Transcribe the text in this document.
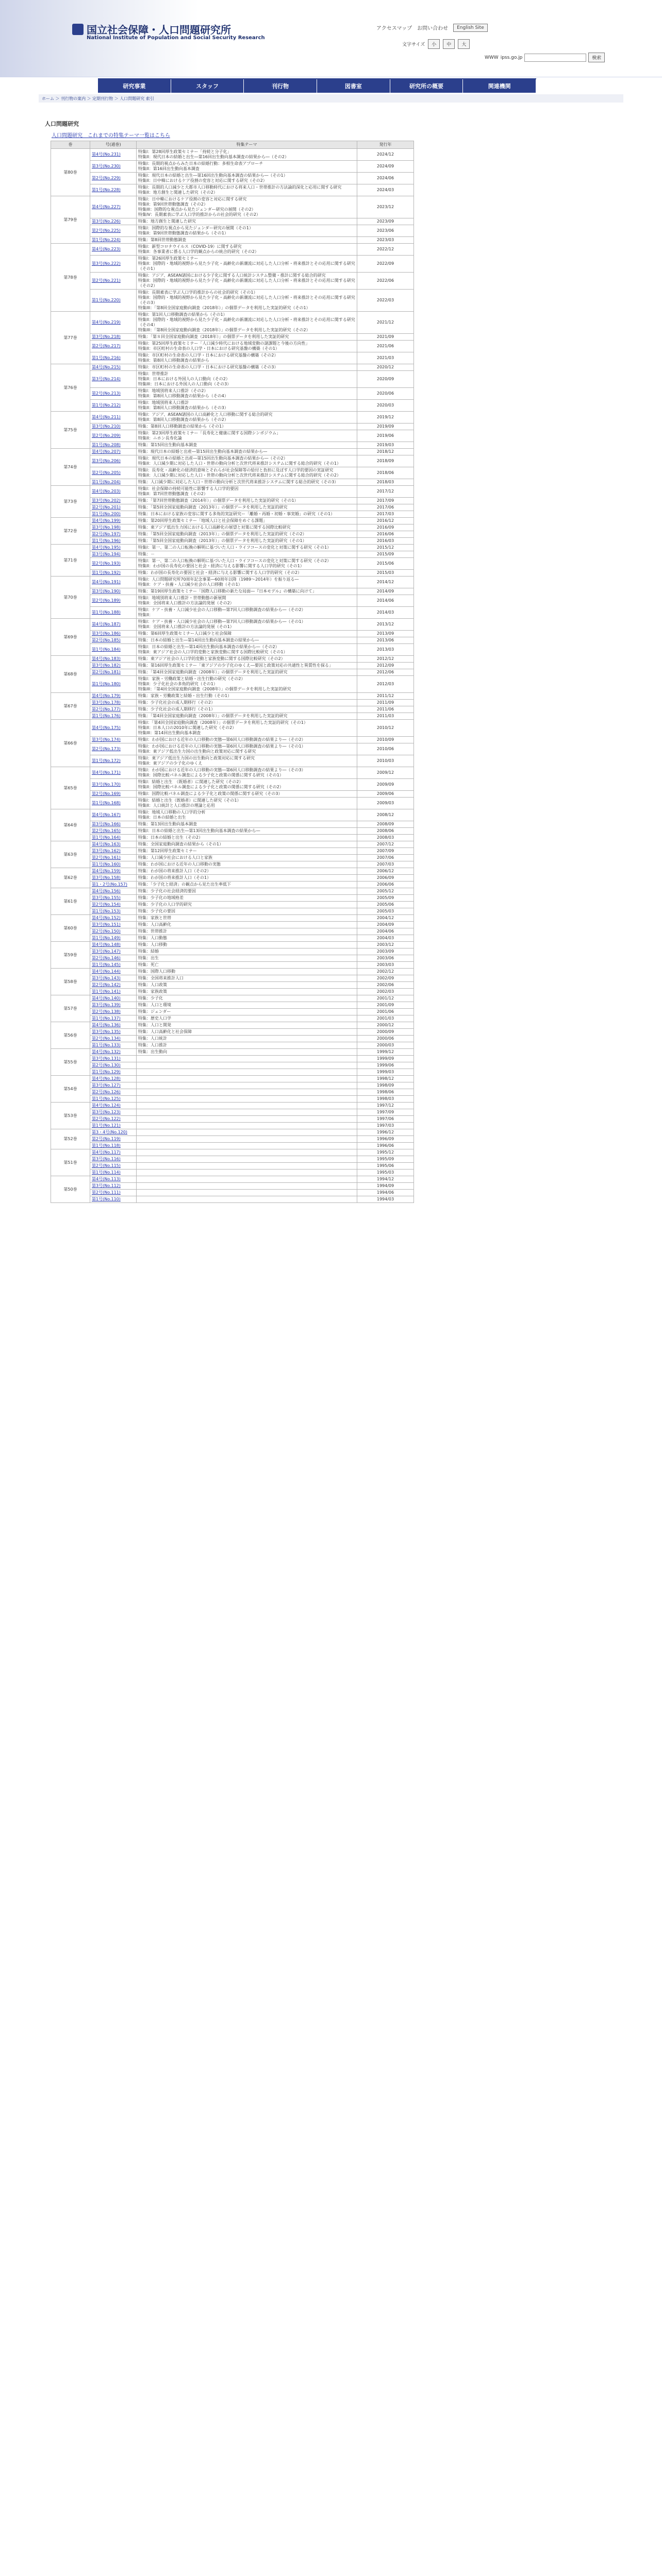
国立社会保障・人口問題研究所
National Institute of Population and Social Security Research
アクセスマップ お問い合わせ	English Site
文字サイズ	小	中	大
WWW ipss.go.jp	検索
研究事業	スタッフ	刊行物	図書室	研究所の概要	関連機関
ホーム ＞ 刊行物の案内 ＞ 定期刊行物 ＞ 人口問題研究 索引
人口問題研究
人口問題研究　これまでの特集テーマ一覧はこちら
巻	号(通巻)	特集テーマ	発行年
第80巻	第4号(No.231)	特集I：第28回厚生政策セミナー「持続と分子化」
特集II：現代日本の結婚と出生―第16回出生動向基本調査の結果から―（その2）	2024/12
	第3号(No.230)	特集I：長期的視点からみた日本の結婚行動：多相生命表アプローチ
特集II：第16回出生動向基本調査	2024/09
	第2号(No.229)	特集I：現代日本の結婚と出生―第16回出生動向基本調査の結果から―（その1）
特集II：日中韓におけるケア役割の変容と対応に関する研究（その2）	2024/06
	第1号(No.228)	特集I：長期的人口減少と大都市人口移動時代における将来人口・世帯推計の方法論的深化と応用に関する研究
特集II：地方創生と関連した研究（その2）	2024/03
第79巻	第4号(No.227)	特集I：日中韓におけるケア役割の変容と対応に関する研究
特集II：第9回世帯動態調査（その2）
特集III：国際的な視点から見たジェンダー研究の展開（その2）
特集IV：長期素表に学ぶ人口学的推計からの社会的研究（その2）	2023/12
	第3号(No.226)	特集：地方創生と関連した研究	2023/09
	第2号(No.225)	特集I：国際的な視点から見たジェンダー研究の展開（その1）
特集II：第9回世帯動態調査の結果から（その1）	2023/06
	第1号(No.224)	特集：第8回世帯動態調査	2023/03
第78巻	第4号(No.223)	特集I：新型コロナウイルス（COVID-19）に関する研究
特集II：各事業者に係る人口学的観点からの統合的研究（その2）	2022/12
	第3号(No.222)	特集I：第26回厚生政策セミナー
特集II：国際的・地域的視野から見た少子化・高齢化の新潮流に対応した人口分析・将来推計とその応用に関する研究（その1）	2022/09
	第2号(No.221)	特集I：アジア、ASEAN諸国における少子化に関する人口統計システム整備・推計に関する総合的研究
特集II：国際的・地域的視野から見た少子化・高齢化の新潮流に対応した人口分析・将来推計とその応用に関する研究（その2）	2022/06
	第1号(No.220)	特集I：長期素表に学ぶ人口学的推計からの社会的研究（その1）
特集II：国際的・地域的視野から見た少子化・高齢化の新潮流に対応した人口分析・将来推計とその応用に関する研究（その3）
特集III：「第8回全国家庭動向調査（2018年）」の個票データを利用した実証的研究（その1）	2022/03
第77巻	第4号(No.219)	特集I：第1回人口移動調査の結果から（その1）
特集II：国際的・地域的視野から見た少子化・高齢化の新潮流に対応した人口分析・将来推計とその応用に関する研究（その4）
特集III：「第8回全国家庭動向調査（2018年）」の個票データを利用した実証的研究（その2）	2021/12
	第3号(No.218)	特集：「第８回全国家庭動向調査（2018年）」の個票データを利用した実証的研究	2021/09
	第2号(No.217)	特集I：第25回厚生政策セミナー「人口減少時代における地域変動の諸課題と今後の方向性」
特集II：市区町村の生命表の人口学・日本における研究基盤の構築（その1）	2021/06
	第1号(No.216)	特集I：市区町村の生命表の人口学・日本における研究基盤の構築（その2）
特集II：第8回人口移動調査の結果から	2021/03
第76巻	第4号(No.215)	特集I：市区町村の生命表の人口学・日本における研究基盤の構築（その3）	2020/12
	第3号(No.214)	特集I：世帯推計
特集II：日本における外国人の人口動向（その2）
特集III：日本における外国人の人口動向（その3）	2020/09
	第2号(No.213)	特集I：地域別将来人口推計（その2）
特集II：第8回人口移動調査の結果から（その4）	2020/06
	第1号(No.212)	特集I：地域別将来人口推計
特集II：第8回人口移動調査の結果から（その3）	2020/03
第75巻	第4号(No.211)	特集I：アジア、ASEAN諸国の人口高齢化と人口移動に関する総合的研究
特集II：第8回人口移動調査の結果から（その2）	2019/12
	第3号(No.210)	特集：第8回人口移動調査の結果から（その1）	2019/09
	第2号(No.209)	特集I：第23回厚生政策セミナー「長寿化と健康に関する国際シンポジウム」
特集II：ニホン長寿化論	2019/06
	第1号(No.208)	特集：第15回出生動向基本調査	2019/03
第74巻	第4号(No.207)	特集：現代日本の結婚と出産―第15回出生動向基本調査の結果から―	2018/12
	第3号(No.206)	特集I：現代日本の結婚と出産―第15回出生動向基本調査の結果から―（その2）
特集II：人口減少期に対応した人口・世帯の動向分析と次世代将来推計システムに関する総合的研究（その1）	2018/09
	第2号(No.205)	特集I：長寿化・高齢化の経済的意味とそれらが社会保障等の給付と負担に及ぼす人口学的要因の実証研究
特集II：人口減少期に対応した人口・世帯の動向分析と次世代将来推計システムに関する総合的研究（その2）	2018/06
	第1号(No.204)	特集：人口減少期に対応した人口・世帯の動向分析と次世代将来推計システムに関する総合的研究（その3）	2018/03
第73巻	第4号(No.203)	特集I：社会保障の持続可能性に影響する人口学的要因
特集II：第7回世帯動態調査（その2）	2017/12
	第3号(No.202)	特集：「第7回世帯動態調査（2014年）」の個票データを利用した実証的研究（その1）	2017/09
	第2号(No.201)	特集：「第5回全国家庭動向調査（2013年）」の個票データを利用した実証的研究	2017/06
	第1号(No.200)	特集：日本における家族の変容に関する多角的実証研究ー「離婚・再婚・初婚・事実婚」の研究（その1）	2017/03
第72巻	第4号(No.199)	特集：第20回厚生政策セミナー「地域人口と社会保障をめぐる課題」	2016/12
	第3号(No.198)	特集：東アジア低出生力国における人口高齢化の展望と対策に関する国際比較研究	2016/09
	第2号(No.197)	特集：「第5回全国家庭動向調査（2013年）」の個票データを利用した実証的研究（その2）	2016/06
	第1号(No.196)	特集：「第5回全国家庭動向調査（2013年）」の個票データを利用した実証的研究（その1）	2016/03
第71巻	第4号(No.195)	特集I：第一、第二の人口転換の解明に基づいた人口・ライフコースの変化と対策に関する研究（その1）	2015/12
	第3号(No.194)	特集：－	2015/09
	第2号(No.193)	特集I：第一、第二の人口転換の解明に基づいた人口・ライフコースの変化と対策に関する研究（その2）
特集II：わが国の長寿化の要因と社会・経済に与える影響に関する人口学的研究（その1）	2015/06
	第1号(No.192)	特集：わが国の長寿化の要因と社会・経済に与える影響に関する人口学的研究（その2）	2015/03
第70巻	第4号(No.191)	特集I：人口問題研究所70周年記念事業―60周年以降（1989～2014年）を振り返る―
特集II：ケア・扶養・人口減少社会の人口移動（その1）	2014/12
	第3号(No.190)	特集：第19回厚生政策セミナー「国際人口移動の新たな局面―『日本モデル』の構築に向けて」	2014/09
	第2号(No.189)	特集I：地域別将来人口推計・世帯動態の新展開
特集II：全国将来人口推計の方法論的発展（その2）	2014/06
	第1号(No.188)	特集I：ケア・扶養・人口減少社会の人口移動―第7回人口移動調査の結果から―（その2）
特集II：	2014/03
第69巻	第4号(No.187)	特集I：ケア・扶養・人口減少社会の人口移動―第7回人口移動調査の結果から―（その1）
特集II：全国将来人口推計の方法論的発展（その1）	2013/12
	第3号(No.186)	特集：第6回厚生政策セミナー人口減少と社会保障	2013/09
	第2号(No.185)	特集：日本の結婚と出生―第14回出生動向基本調査の結果から―	2013/06
	第1号(No.184)	特集I：日本の結婚と出生―第14回出生動向基本調査の結果から―（その2）
特集II：東アジア社会の人口学的変動と家族変動に関する国際比較研究（その1）	2013/03
第68巻	第4号(No.183)	特集：東アジア社会の人口学的変動と家族変動に関する国際比較研究（その2）	2012/12
	第3号(No.182)	特集：第16回厚生政策セミナー「東アジアの少子化のゆくえ―要因と政策対応の共通性と異質性を探る」	2012/09
	第2号(No.181)	特集：「第4回全国家庭動向調査（2008年）」の個票データを利用した実証的研究	2012/06
	第1号(No.180)	特集I：家族・労働政策と結婚・出生行動の研究（その2）
特集II：少子化社会の多角的研究（その1）
特集III：「第4回全国家庭動向調査（2008年）」の個票データを利用した実証的研究	2012/03
第67巻	第4号(No.179)	特集：家族・労働政策と結婚・出生行動（その1）	2011/12
	第3号(No.178)	特集：少子化社会の成人期移行（その2）	2011/09
	第2号(No.177)	特集：少子化社会の成人期移行（その1）	2011/06
	第1号(No.176)	特集：「第4回全国家庭動向調査（2008年）」の個票データを利用した実証的研究	2011/03
第66巻	第4号(No.175)	特集I：「第4回全国家庭動向調査（2008年）」の個票データを利用した実証的研究（その1）
特集II：日本人口の2010年に関連した研究（その2）
特集III：第14回出生動向基本調査	2010/12
	第3号(No.174)	特集I：わが国における近年の人口移動の実態―第6回人口移動調査の結果より―（その2）	2010/09
	第2号(No.173)	特集I：わが国における近年の人口移動の実態―第6回人口移動調査の結果より―（その1）
特集II：東アジア低出生力国の出生動向と政策対応に関する研究	2010/06
	第1号(No.172)	特集I：東アジア低出生力国の出生動向と政策対応に関する研究
特集II：東アジアの少子化のゆくえ	2010/03
第65巻	第4号(No.171)	特集I：わが国における近年の人口移動の実態―第6回人口移動調査の結果より―（その3）
特集II：国際比較パネル調査による少子化と政策の関係に関する研究（その1）	2009/12
	第3号(No.170)	特集I：結婚と出生　（既婚者）に関連した研究（その2）
特集II：国際比較パネル調査による少子化と政策の関係に関する研究（その2）	2009/09
	第2号(No.169)	特集I：国際比較パネル調査による少子化と政策の関係に関する研究（その3）	2009/06
	第1号(No.168)	特集I：結婚と出生（既婚者）に関連した研究（その1）
特集II：人口統計と人口推計の理論と応用	2009/03
第64巻	第4号(No.167)	特集I：地域人口移動の人口学的分析
特集II：日本の結婚と出生	2008/12
	第3号(No.166)	特集：第13回出生動向基本調査	2008/09
	第2号(No.165)	特集I：日本の結婚と出生―第13回出生動向基本調査の結果から―	2008/06
	第1号(No.164)	特集：日本の結婚と出生（その2）	2008/03
第63巻	第4号(No.163)	特集：全国家庭動向調査の結果から（その1）	2007/12
	第3号(No.162)	特集：第12回厚生政策セミナー	2007/09
	第2号(No.161)	特集：人口減少社会における人口と家族	2007/06
	第1号(No.160)	特集：わが国における近年の人口移動の実態	2007/03
第62巻	第4号(No.159)	特集：わが国の将来推計人口（その2）	2006/12
	第3号(No.158)	特集：わが国の将来推計人口（その1）	2006/09
	第1・2号(No.157)	特集：「少子化と経済」の観点から見た出生率低下	2006/06
第61巻	第4号(No.156)	特集：少子化の社会経済的要因	2005/12
	第3号(No.155)	特集：少子化の地域格差	2005/09
	第2号(No.154)	特集：少子化の人口学的研究	2005/06
	第1号(No.153)	特集：少子化の要因	2005/03
第60巻	第4号(No.152)	特集：家族と世帯	2004/12
	第3号(No.151)	特集：人口高齢化	2004/09
	第2号(No.150)	特集：世帯推計	2004/06
	第1号(No.149)	特集：人口動態	2004/03
第59巻	第4号(No.148)	特集：人口移動	2003/12
	第3号(No.147)	特集：結婚	2003/09
	第2号(No.146)	特集：出生	2003/06
	第1号(No.145)	特集：死亡	2003/03
第58巻	第4号(No.144)	特集：国際人口移動	2002/12
	第3号(No.143)	特集：全国将来推計人口	2002/09
	第2号(No.142)	特集：人口政策	2002/06
	第1号(No.141)	特集：家族政策	2002/03
第57巻	第4号(No.140)	特集：少子化	2001/12
	第3号(No.139)	特集：人口と環境	2001/09
	第2号(No.138)	特集：ジェンダー	2001/06
	第1号(No.137)	特集：歴史人口学	2001/03
第56巻	第4号(No.136)	特集：人口と開発	2000/12
	第3号(No.135)	特集：人口高齢化と社会保障	2000/09
	第2号(No.134)	特集：人口統計	2000/06
	第1号(No.133)	特集：人口推計	2000/03
第55巻	第4号(No.132)	特集：出生動向	1999/12
	第3号(No.131)		1999/09
	第2号(No.130)		1999/06
	第1号(No.129)		1999/03
第54巻	第4号(No.128)		1998/12
	第3号(No.127)		1998/09
	第2号(No.126)		1998/06
	第1号(No.125)		1998/03
第53巻	第4号(No.124)		1997/12
	第3号(No.123)		1997/09
	第2号(No.122)		1997/06
	第1号(No.121)		1997/03
第52巻	第3・4号(No.120)		1996/12
	第2号(No.119)		1996/09
	第1号(No.118)		1996/06
第51巻	第4号(No.117)		1995/12
	第3号(No.116)		1995/09
	第2号(No.115)		1995/06
	第1号(No.114)		1995/03
第50巻	第4号(No.113)		1994/12
	第3号(No.112)		1994/09
	第2号(No.111)		1994/06
	第1号(No.110)		1994/03
